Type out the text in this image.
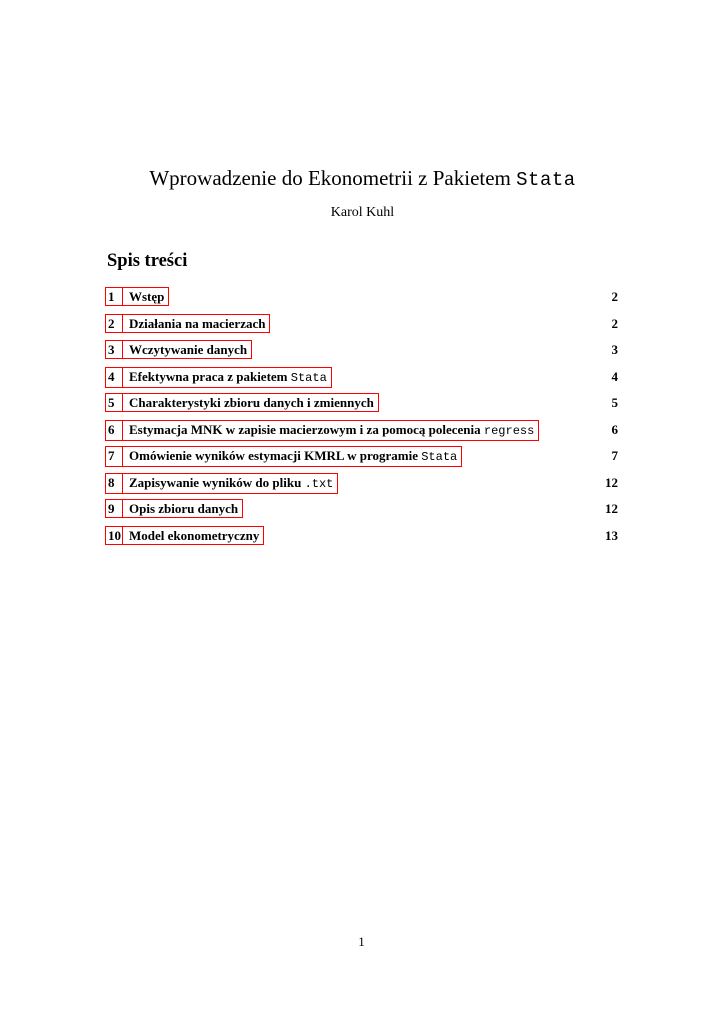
Wprowadzenie do Ekonometrii z Pakietem Stata
Karol Kuhl
Spis treści
1	Wstęp	2
2	Działania na macierzach	2
3	Wczytywanie danych	3
4	Efektywna praca z pakietem Stata	4
5	Charakterystyki zbioru danych i zmiennych	5
6	Estymacja MNK w zapisie macierzowym i za pomocą polecenia regress	6
7	Omówienie wyników estymacji KMRL w programie Stata	7
8	Zapisywanie wyników do pliku .txt	12
9	Opis zbioru danych	12
10 Model ekonometryczny	13
1
